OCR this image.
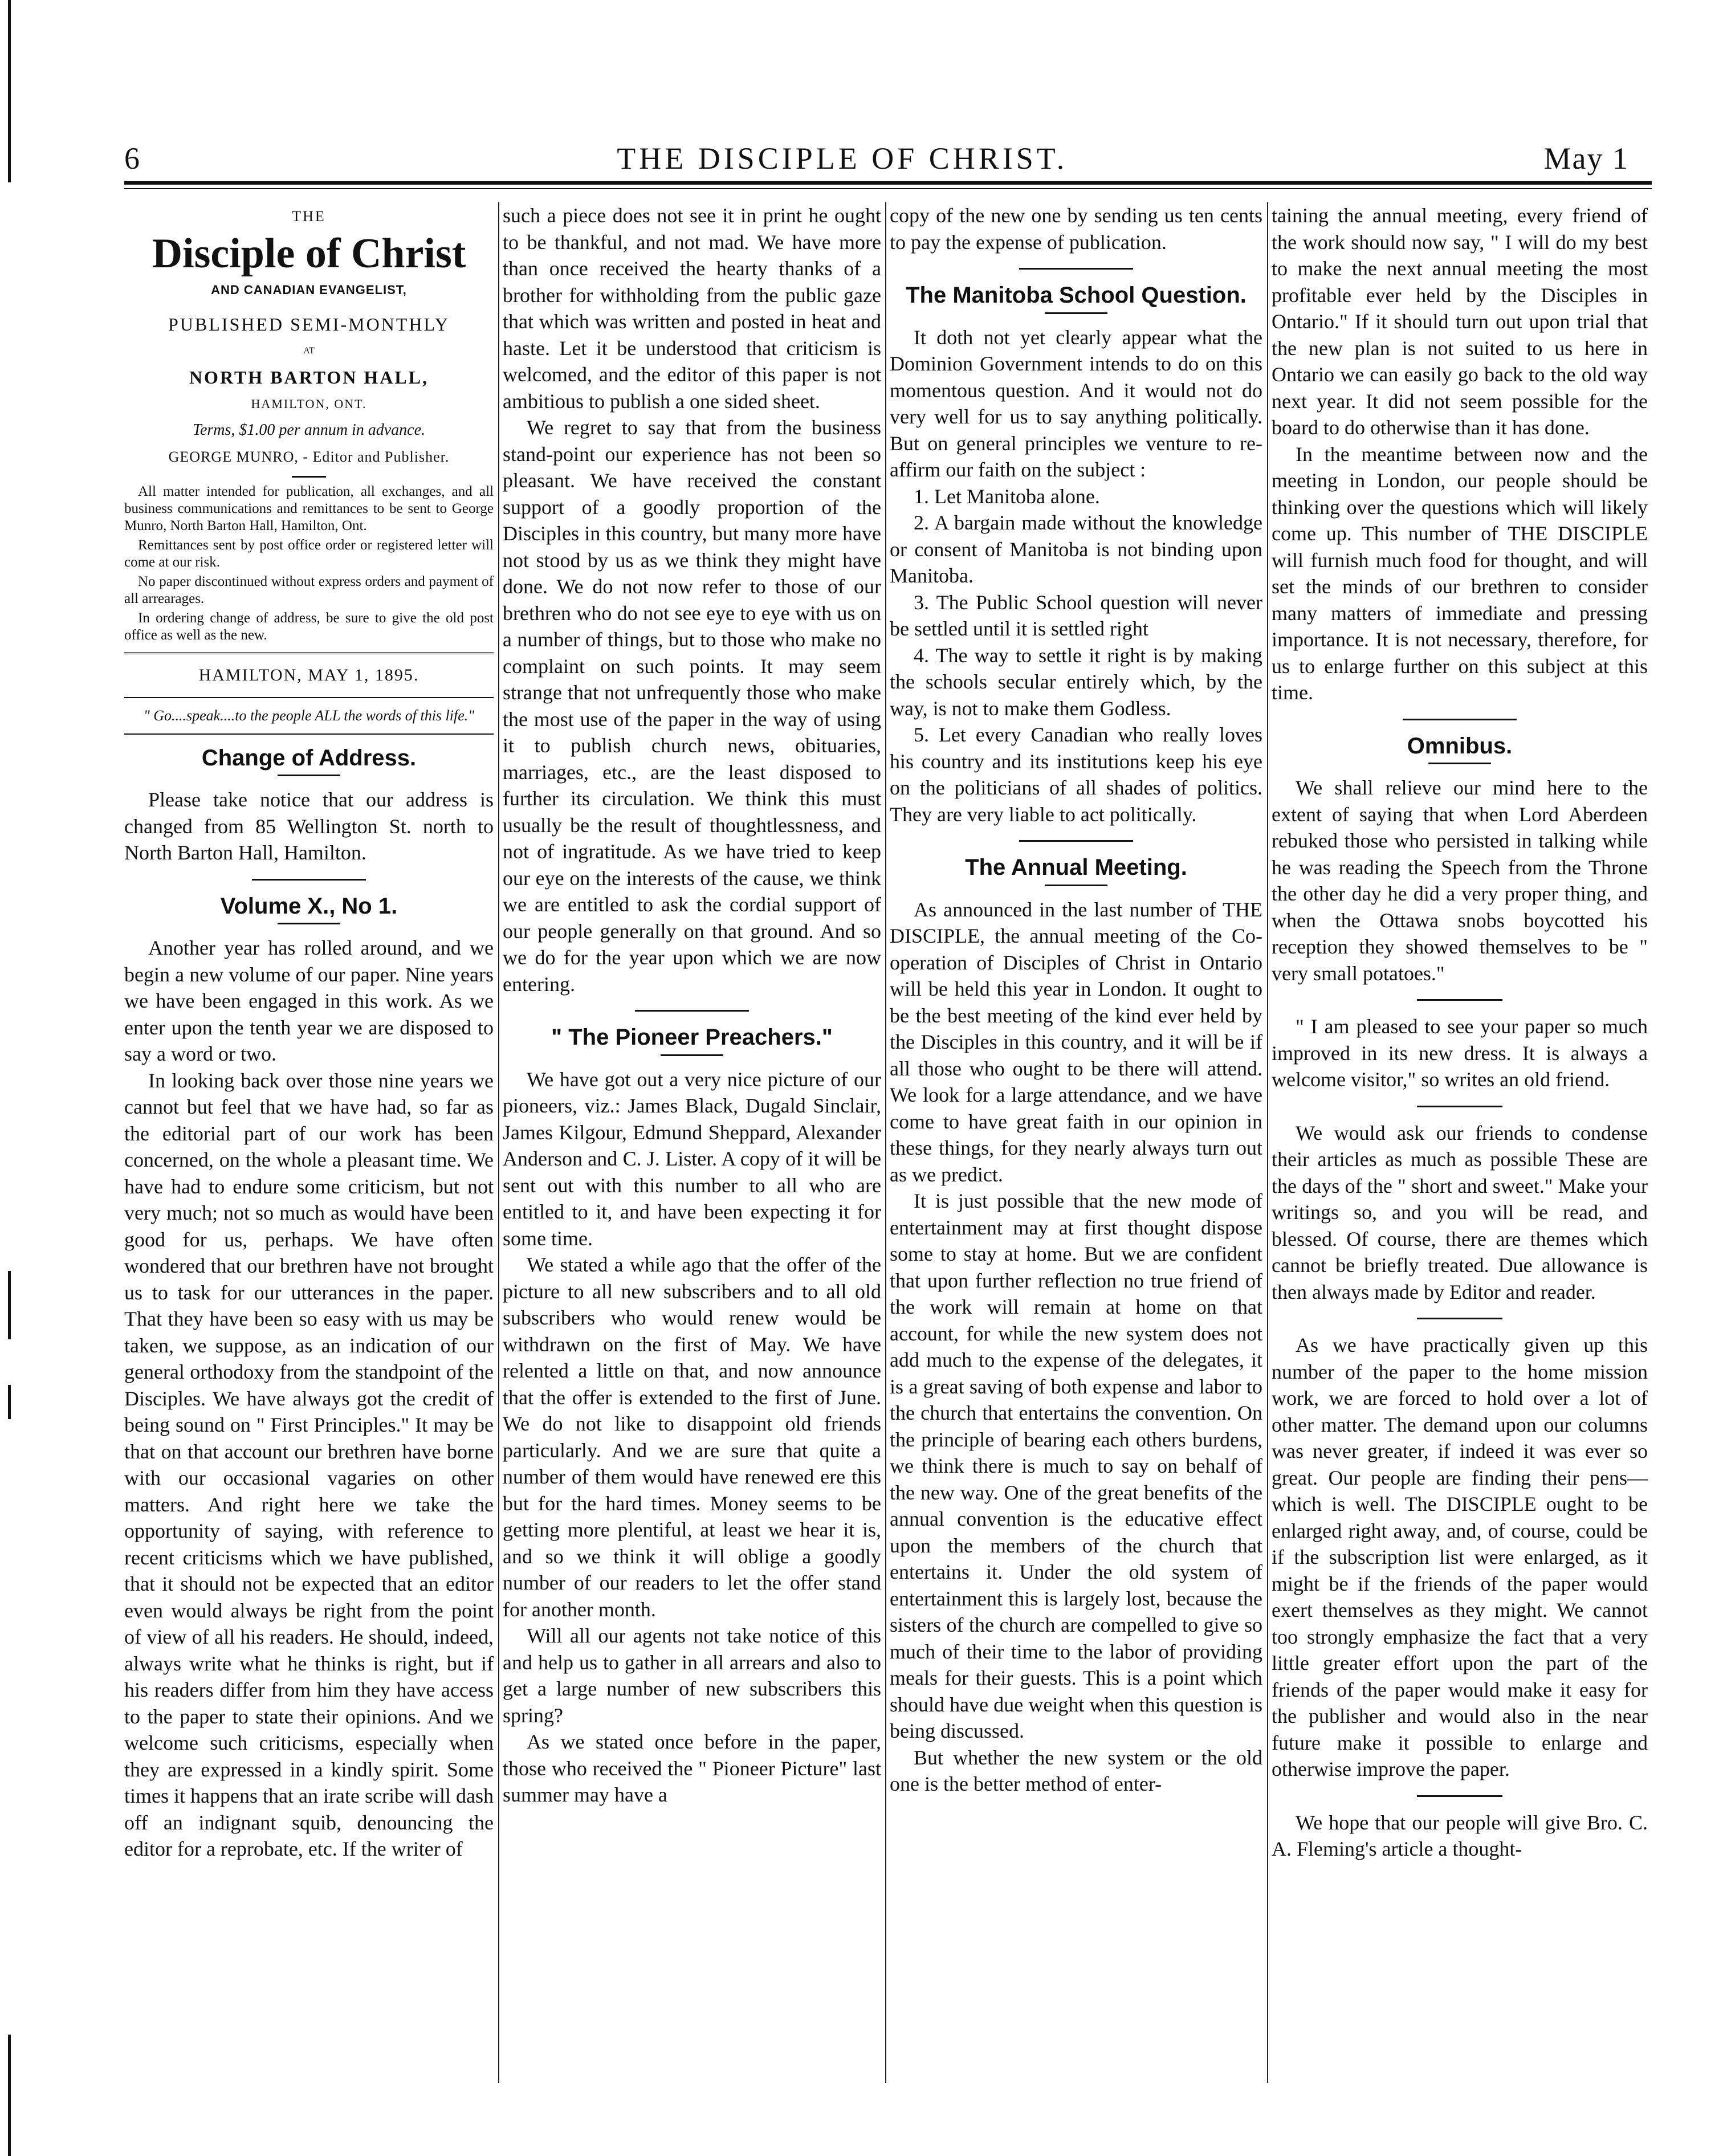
6	THE DISCIPLE OF CHRIST.	May 1
THE
Disciple of Christ
AND CANADIAN EVANGELIST,
PUBLISHED SEMI-MONTHLY
AT
NORTH BARTON HALL,
HAMILTON, ONT.
Terms, $1.00 per annum in advance.
GEORGE MUNRO, - Editor and Publisher.

All matter intended for publication, all exchanges, and all business communications and remittances to be sent to George Munro, North Barton Hall, Hamilton, Ont.

Remittances sent by post office order or registered letter will come at our risk.

No paper discontinued without express orders and payment of all arrearages.

In ordering change of address, be sure to give the old post office as well as the new.

HAMILTON, MAY 1, 1895.
" Go....speak....to the people ALL the words of this life."
Change of Address.

Please take notice that our address is changed from 85 Wellington St. north to North Barton Hall, Hamilton.

Volume X., No 1.

Another year has rolled around, and we begin a new volume of our paper. Nine years we have been engaged in this work. As we enter upon the tenth year we are disposed to say a word or two.

In looking back over those nine years we cannot but feel that we have had, so far as the editorial part of our work has been concerned, on the whole a pleasant time. We have had to endure some criticism, but not very much; not so much as would have been good for us, perhaps. We have often wondered that our brethren have not brought us to task for our utterances in the paper. That they have been so easy with us may be taken, we suppose, as an indication of our general orthodoxy from the standpoint of the Disciples. We have always got the credit of being sound on " First Principles." It may be that on that account our brethren have borne with our occasional vagaries on other matters. And right here we take the opportunity of saying, with reference to recent criticisms which we have published, that it should not be expected that an editor even would always be right from the point of view of all his readers. He should, indeed, always write what he thinks is right, but if his readers differ from him they have access to the paper to state their opinions. And we welcome such criticisms, especially when they are expressed in a kindly spirit. Some times it happens that an irate scribe will dash off an indignant squib, denouncing the editor for a reprobate, etc. If the writer of

such a piece does not see it in print he ought to be thankful, and not mad. We have more than once received the hearty thanks of a brother for withholding from the public gaze that which was written and posted in heat and haste. Let it be understood that criticism is welcomed, and the editor of this paper is not ambitious to publish a one sided sheet.

We regret to say that from the business stand-point our experience has not been so pleasant. We have received the constant support of a goodly proportion of the Disciples in this country, but many more have not stood by us as we think they might have done. We do not now refer to those of our brethren who do not see eye to eye with us on a number of things, but to those who make no complaint on such points. It may seem strange that not unfrequently those who make the most use of the paper in the way of using it to publish church news, obituaries, marriages, etc., are the least disposed to further its circulation. We think this must usually be the result of thoughtlessness, and not of ingratitude. As we have tried to keep our eye on the interests of the cause, we think we are entitled to ask the cordial support of our people generally on that ground. And so we do for the year upon which we are now entering.

" The Pioneer Preachers."

We have got out a very nice picture of our pioneers, viz.: James Black, Dugald Sinclair, James Kilgour, Edmund Sheppard, Alexander Anderson and C. J. Lister. A copy of it will be sent out with this number to all who are entitled to it, and have been expecting it for some time.

We stated a while ago that the offer of the picture to all new subscribers and to all old subscribers who would renew would be withdrawn on the first of May. We have relented a little on that, and now announce that the offer is extended to the first of June. We do not like to disappoint old friends particularly. And we are sure that quite a number of them would have renewed ere this but for the hard times. Money seems to be getting more plentiful, at least we hear it is, and so we think it will oblige a goodly number of our readers to let the offer stand for another month.

Will all our agents not take notice of this and help us to gather in all arrears and also to get a large number of new subscribers this spring?

As we stated once before in the paper, those who received the " Pioneer Picture" last summer may have a

copy of the new one by sending us ten cents to pay the expense of publication.

The Manitoba School Question.

It doth not yet clearly appear what the Dominion Government intends to do on this momentous question. And it would not do very well for us to say anything politically. But on general principles we venture to re-affirm our faith on the subject :

1. Let Manitoba alone.

2. A bargain made without the knowledge or consent of Manitoba is not binding upon Manitoba.

3. The Public School question will never be settled until it is settled right

4. The way to settle it right is by making the schools secular entirely which, by the way, is not to make them Godless.

5. Let every Canadian who really loves his country and its institutions keep his eye on the politicians of all shades of politics. They are very liable to act politically.

The Annual Meeting.

As announced in the last number of THE DISCIPLE, the annual meeting of the Co-operation of Disciples of Christ in Ontario will be held this year in London. It ought to be the best meeting of the kind ever held by the Disciples in this country, and it will be if all those who ought to be there will attend. We look for a large attendance, and we have come to have great faith in our opinion in these things, for they nearly always turn out as we predict.

It is just possible that the new mode of entertainment may at first thought dispose some to stay at home. But we are confident that upon further reflection no true friend of the work will remain at home on that account, for while the new system does not add much to the expense of the delegates, it is a great saving of both expense and labor to the church that entertains the convention. On the principle of bearing each others burdens, we think there is much to say on behalf of the new way. One of the great benefits of the annual convention is the educative effect upon the members of the church that entertains it. Under the old system of entertainment this is largely lost, because the sisters of the church are compelled to give so much of their time to the labor of providing meals for their guests. This is a point which should have due weight when this question is being discussed.

But whether the new system or the old one is the better method of enter-

taining the annual meeting, every friend of the work should now say, " I will do my best to make the next annual meeting the most profitable ever held by the Disciples in Ontario." If it should turn out upon trial that the new plan is not suited to us here in Ontario we can easily go back to the old way next year. It did not seem possible for the board to do otherwise than it has done.

In the meantime between now and the meeting in London, our people should be thinking over the questions which will likely come up. This number of THE DISCIPLE will furnish much food for thought, and will set the minds of our brethren to consider many matters of immediate and pressing importance. It is not necessary, therefore, for us to enlarge further on this subject at this time.

Omnibus.

We shall relieve our mind here to the extent of saying that when Lord Aberdeen rebuked those who persisted in talking while he was reading the Speech from the Throne the other day he did a very proper thing, and when the Ottawa snobs boycotted his reception they showed themselves to be " very small potatoes."

" I am pleased to see your paper so much improved in its new dress. It is always a welcome visitor," so writes an old friend.

We would ask our friends to condense their articles as much as possible These are the days of the " short and sweet." Make your writings so, and you will be read, and blessed. Of course, there are themes which cannot be briefly treated. Due allowance is then always made by Editor and reader.

As we have practically given up this number of the paper to the home mission work, we are forced to hold over a lot of other matter. The demand upon our columns was never greater, if indeed it was ever so great. Our people are finding their pens—which is well. The DISCIPLE ought to be enlarged right away, and, of course, could be if the subscription list were enlarged, as it might be if the friends of the paper would exert themselves as they might. We cannot too strongly emphasize the fact that a very little greater effort upon the part of the friends of the paper would make it easy for the publisher and would also in the near future make it possible to enlarge and otherwise improve the paper.

We hope that our people will give Bro. C. A. Fleming's article a thought-
